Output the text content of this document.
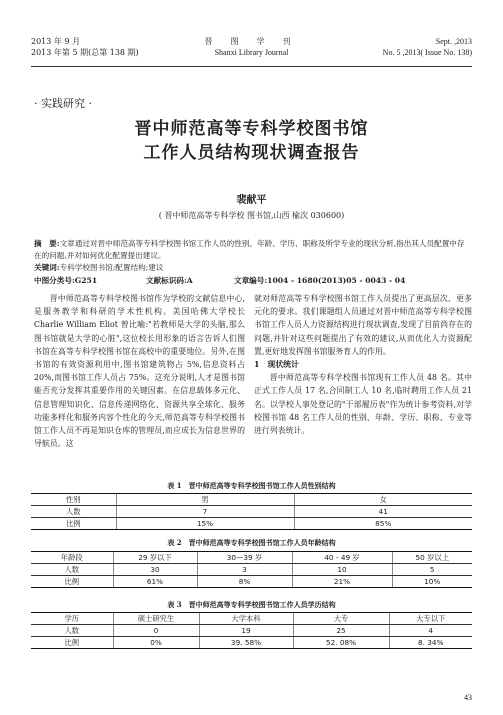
2013 年 9 月
2013 年第 5 期(总第 138 期)
晋 图 学 刊
Shanxi Library Journal
Sept. ,2013
No. 5 ,2013( Issue No. 138)
· 实践研究 ·
晋中师范高等专科学校图书馆
工作人员结构现状调查报告
裴献平
( 晋中师范高等专科学校 图书馆,山西 榆次 030600)
摘　要:文章通过对晋中师范高等专科学校图书馆工作人员的性别、年龄、学历、职称及所学专业的现状分析,指出其人员配置中存在的问题,并对如何优化配置提出建议。
关键词:专科学校图书馆;配置结构;建议
中图分类号:G251	文献标识码:A	文章编号:1004 - 1680(2013)05 - 0043 - 04

晋中师范高等专科学校图书馆作为学校的文献信息中心,是服务教学和科研的学术性机构。美国哈佛大学校长 Charlie William Eliot 曾比喻:"若教师是大学的头脑,那么图书馆就是大学的心脏",这位校长用形象的语言告诉人们图书馆在高等专科学校图书馆在高校中的重要地位。另外,在图书馆的有效资源利用中,图书馆建筑物占 5%,信息资料占 20%,而图书馆工作人员占 75%。这充分说明,人才是图书馆能否充分发挥其重要作用的关键因素。在信息载体多元化、信息管理知识化、信息传递网络化、资源共享全球化、服务功能多样化和服务内容个性化的今天,师范高等专科学校图书馆工作人员不再是知识仓库的管理员,而应成长为信息世界的导航员。这

就对师范高等专科学校图书馆工作人员提出了更高层次、更多元化的要求。我们课题组人员通过对晋中师范高等专科学校图书馆工作人员人力资源结构进行现状调查,发现了目前尚存在的问题,并针对这些问题提出了有效的建议,从而优化人力资源配置,更好地发挥图书馆服务育人的作用。

1　现状统计

晋中师范高等专科学校图书馆现有工作人员 48 名。其中正式工作人员 17 名,合同制工人 10 名,临时聘用工作人员 21 名。以学校人事处登记的"干部履历表"作为统计参考资料,对学校图书馆 48 名工作人员的性别、年龄、学历、职称、专业等进行列表统计。

表 1　晋中师范高等专科学校图书馆工作人员性别结构
性别	男	女
人数	7	41
比例	15%	85%
表 2　晋中师范高等专科学校图书馆工作人员年龄结构
年龄段	29 岁以下	30—39 岁	40 - 49 岁	50 岁以上
人数	30	3	10	5
比例	61%	8%	21%	10%
表 3　晋中师范高等专科学校图书馆工作人员学历结构
学历	硕士研究生	大学本科	大专	大专以下
人数	0	19	25	4
比例	0%	39. 58%	52. 08%	8. 34%
43
